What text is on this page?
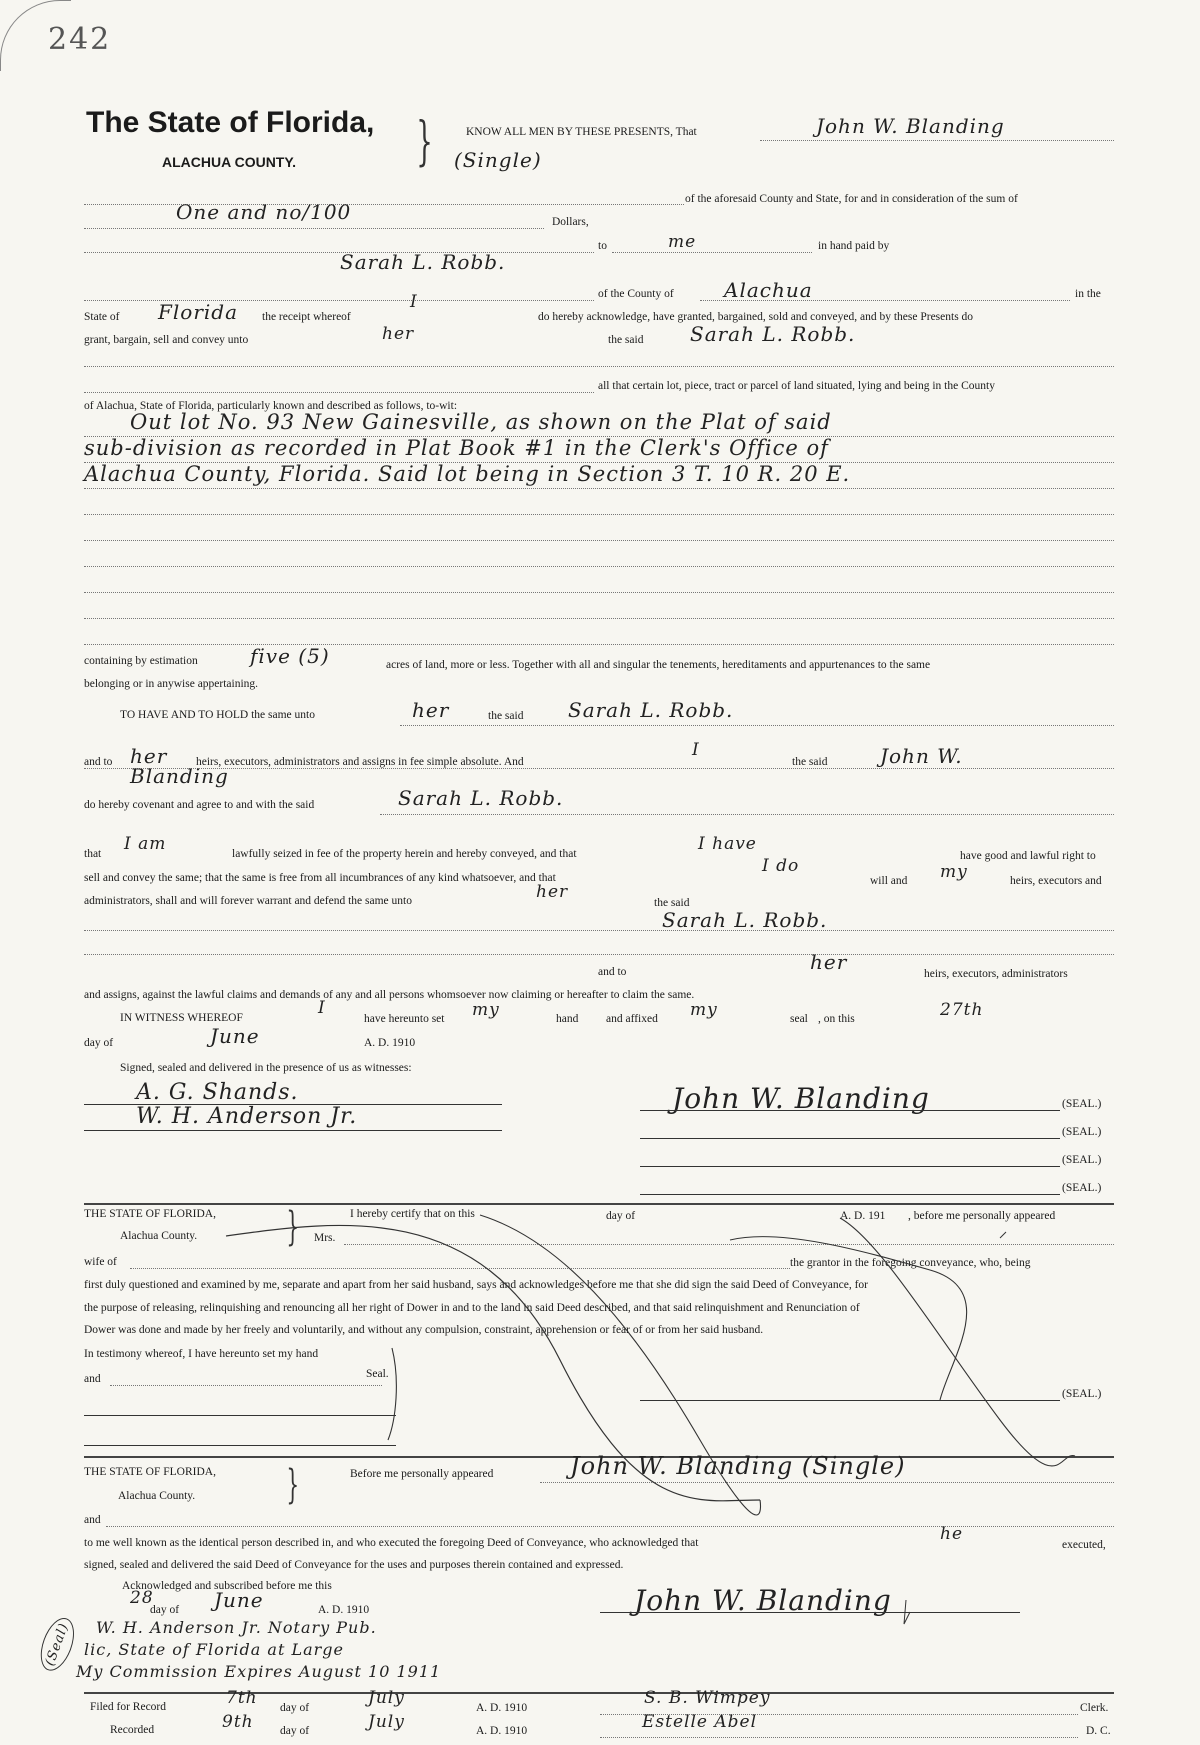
242
The State of Florida,
ALACHUA COUNTY. }	KNOW ALL MEN BY THESE PRESENTS, That	John W. Blanding
(Single)
of the aforesaid County and State, for and in consideration of the sum of
One and no/100	Dollars,
to	me	in hand paid by
Sarah L. Robb.
of the County of	Alachua	in the
State of Florida the receipt whereof
I
do hereby acknowledge, have granted, bargained, sold and conveyed, and by these Presents do
grant, bargain, sell and convey unto	her	the said Sarah L. Robb.
all that certain lot, piece, tract or parcel of land situated, lying and being in the County
of Alachua, State of Florida, particularly known and described as follows, to-wit:
Out lot No. 93 New Gainesville, as shown on the Plat of said
sub-division as recorded in Plat Book #1 in the Clerk's Office of
Alachua County, Florida. Said lot being in Section 3 T. 10 R. 20 E.
containing by estimation	five (5)	acres of land, more or less. Together with all and singular the tenements, hereditaments and appurtenances to the same
belonging or in anywise appertaining.
TO HAVE AND TO HOLD the same unto	her	the said Sarah L. Robb.
and to her heirs, executors, administrators and assigns in fee simple absolute. And
I
the said	John W.
Blanding
do hereby covenant and agree to and with the said	Sarah L. Robb.
that I am	lawfully seized in fee of the property herein and hereby conveyed, and that	I have
have good and lawful right to
sell and convey the same; that the same is free from all incumbrances of any kind whatsoever, and that
I do
will and my	heirs, executors and
administrators, shall and will forever warrant and defend the same unto	her
the said
Sarah L. Robb.
and to	her	heirs, executors, administrators
and assigns, against the lawful claims and demands of any and all persons whomsoever now claiming or hereafter to claim the same.
IN WITNESS WHEREOF	I
have hereunto set my	hand and affixed my	seal , on this	27th
day of	June	A. D. 1910
Signed, sealed and delivered in the presence of us as witnesses:
A. G. Shands.
W. H. Anderson Jr.
John W. Blanding	(SEAL.)
(SEAL.)
(SEAL.)
(SEAL.)
THE STATE OF FLORIDA,
Alachua County. }	I hereby certify that on this	day of	A. D. 191 , before me personally appeared
Mrs.
wife of	the grantor in the foregoing conveyance, who, being
first duly questioned and examined by me, separate and apart from her said husband, says and acknowledges before me that she did sign the said Deed of Conveyance, for
the purpose of releasing, relinquishing and renouncing all her right of Dower in and to the land in said Deed described, and that said relinquishment and Renunciation of
Dower was done and made by her freely and voluntarily, and without any compulsion, constraint, apprehension or fear of or from her said husband.
In testimony whereof, I have hereunto set my hand
and	Seal.
(SEAL.)
THE STATE OF FLORIDA,
Alachua County. }	Before me personally appeared	John W. Blanding (Single)
and
to me well known as the identical person described in, and who executed the foregoing Deed of Conveyance, who acknowledged that	he
executed,
signed, sealed and delivered the said Deed of Conveyance for the uses and purposes therein contained and expressed.
Acknowledged and subscribed before me this
28
day of June	A. D. 1910
W. H. Anderson Jr. Notary Pub.
lic, State of Florida at Large
My Commission Expires August 10 1911
(Seal)
John W. Blanding
Filed for Record	7th day of	July	A. D. 1910	S. B. Wimpey	Clerk.
Recorded	9th day of	July	A. D. 1910	Estelle Abel	D. C.
